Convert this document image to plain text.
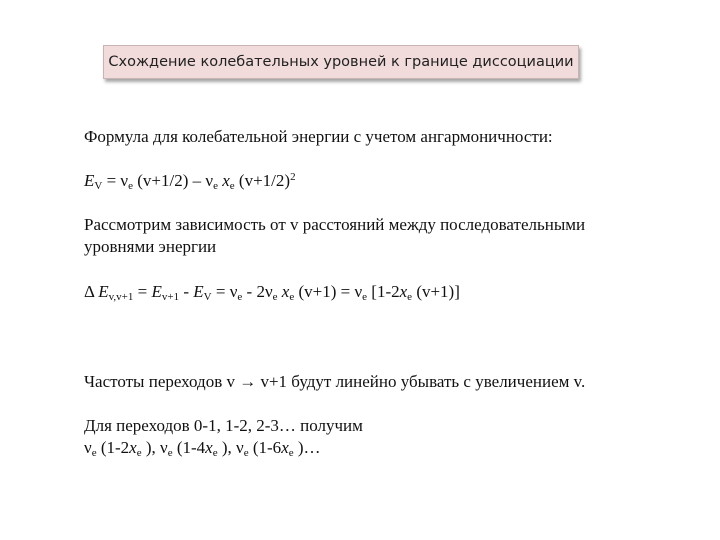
Схождение колебательных уровней к границе диссоциации
Формула для колебательной энергии с учетом ангармоничности:
$E_V = \nu_e$ $(v+1/2) - \nu_e$ $x_e$ $(v+1/2)^2$
Рассмотрим зависимость от v расстояний между последовательными
уровнями энергии
Δ $E_{v,v+1} = E_{v+1} - E_V = \nu_e - 2\nu_e$ $x_e$ $(v+1) = \nu_e$ [$1-2x_e$ (v+1)]
Частоты переходов v → v+1 будут линейно убывать с увеличением v.
Для переходов 0-1, 1-2, 2-3… получим
$\nu_e$ ($1-2x_e$ ), $\nu_e$ ($1-4x_e$ ), $\nu_e$ ($1-6x_e$ )…
